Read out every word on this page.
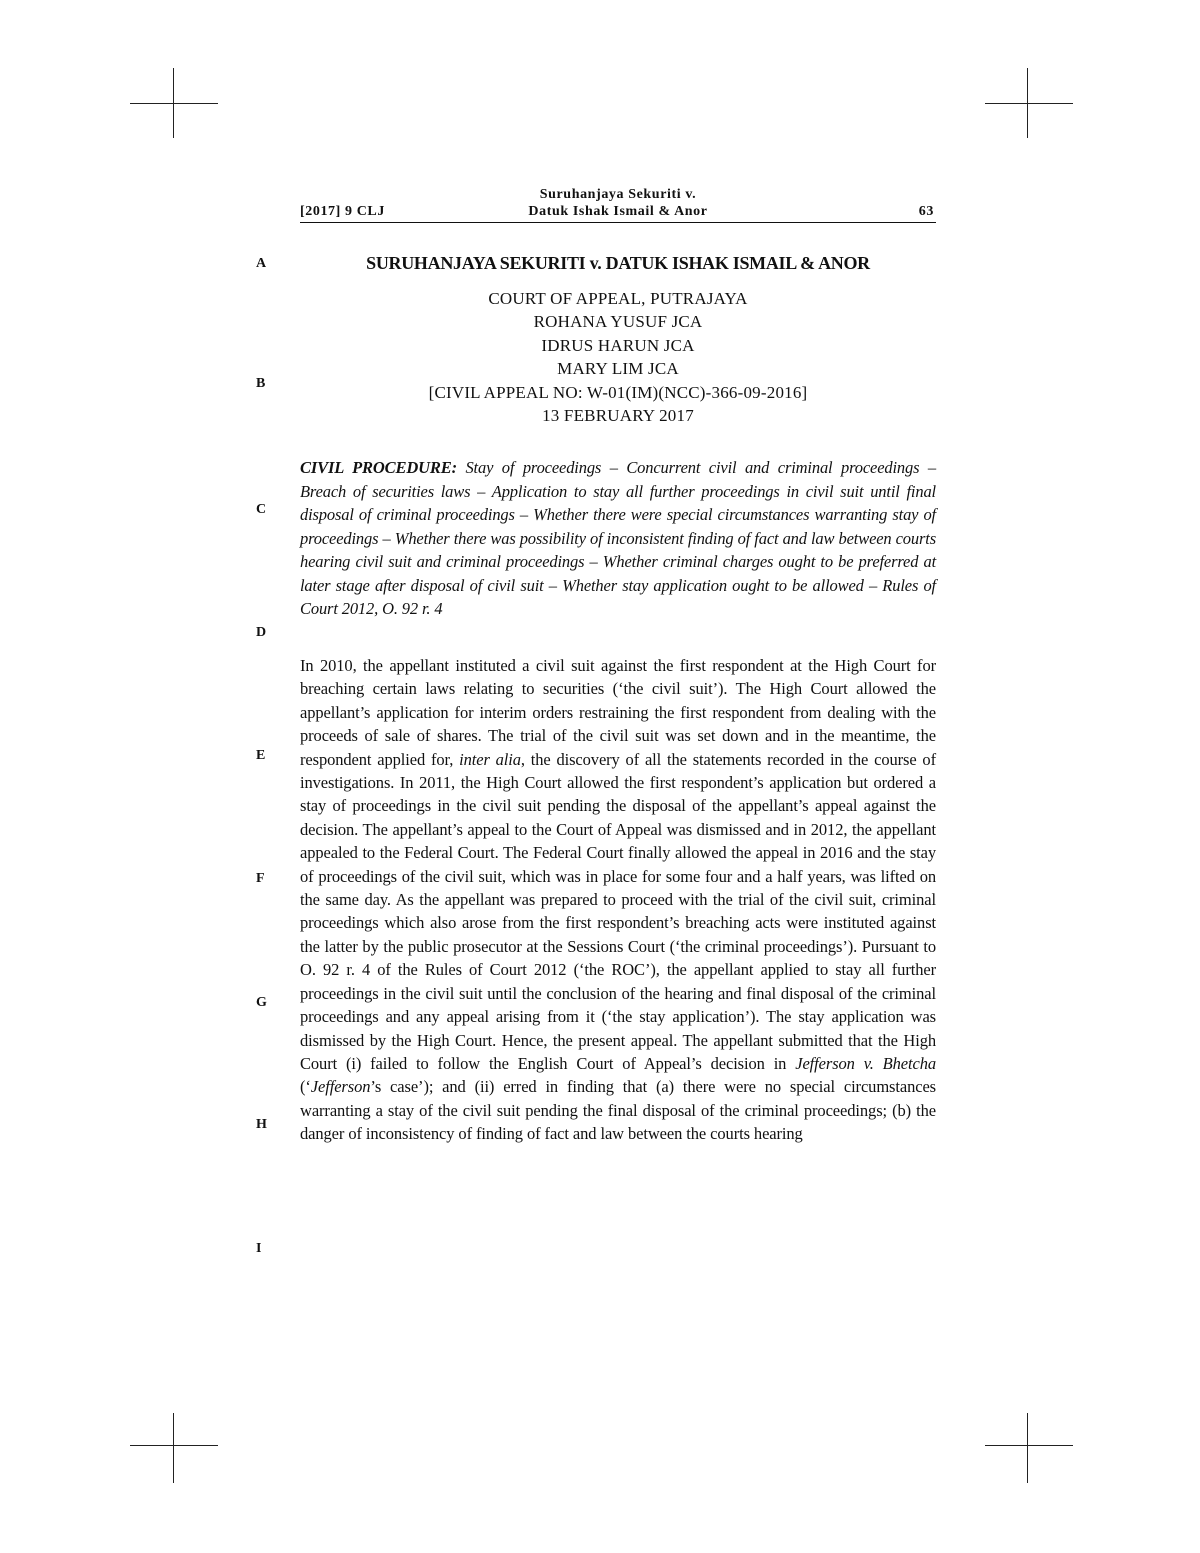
[2017] 9 CLJ
Suruhanjaya Sekuriti v.
Datuk Ishak Ismail & Anor	63
A
B
C
D
E
F
G
H
I
SURUHANJAYA SEKURITI v. DATUK ISHAK ISMAIL & ANOR
COURT OF APPEAL, PUTRAJAYA
ROHANA YUSUF JCA
IDRUS HARUN JCA
MARY LIM JCA
[CIVIL APPEAL NO: W-01(IM)(NCC)-366-09-2016]
13 FEBRUARY 2017
CIVIL PROCEDURE: Stay of proceedings – Concurrent civil and criminal proceedings – Breach of securities laws – Application to stay all further proceedings in civil suit until final disposal of criminal proceedings – Whether there were special circumstances warranting stay of proceedings – Whether there was possibility of inconsistent finding of fact and law between courts hearing civil suit and criminal proceedings – Whether criminal charges ought to be preferred at later stage after disposal of civil suit – Whether stay application ought to be allowed – Rules of Court 2012, O. 92 r. 4
In 2010, the appellant instituted a civil suit against the first respondent at the High Court for breaching certain laws relating to securities (‘the civil suit’). The High Court allowed the appellant’s application for interim orders restraining the first respondent from dealing with the proceeds of sale of shares. The trial of the civil suit was set down and in the meantime, the respondent applied for, inter alia, the discovery of all the statements recorded in the course of investigations. In 2011, the High Court allowed the first respondent’s application but ordered a stay of proceedings in the civil suit pending the disposal of the appellant’s appeal against the decision. The appellant’s appeal to the Court of Appeal was dismissed and in 2012, the appellant appealed to the Federal Court. The Federal Court finally allowed the appeal in 2016 and the stay of proceedings of the civil suit, which was in place for some four and a half years, was lifted on the same day. As the appellant was prepared to proceed with the trial of the civil suit, criminal proceedings which also arose from the first respondent’s breaching acts were instituted against the latter by the public prosecutor at the Sessions Court (‘the criminal proceedings’). Pursuant to O. 92 r. 4 of the Rules of Court 2012 (‘the ROC’), the appellant applied to stay all further proceedings in the civil suit until the conclusion of the hearing and final disposal of the criminal proceedings and any appeal arising from it (‘the stay application’). The stay application was dismissed by the High Court. Hence, the present appeal. The appellant submitted that the High Court (i) failed to follow the English Court of Appeal’s decision in Jefferson v. Bhetcha (‘Jefferson’s case’); and (ii) erred in finding that (a) there were no special circumstances warranting a stay of the civil suit pending the final disposal of the criminal proceedings; (b) the danger of inconsistency of finding of fact and law between the courts hearing
